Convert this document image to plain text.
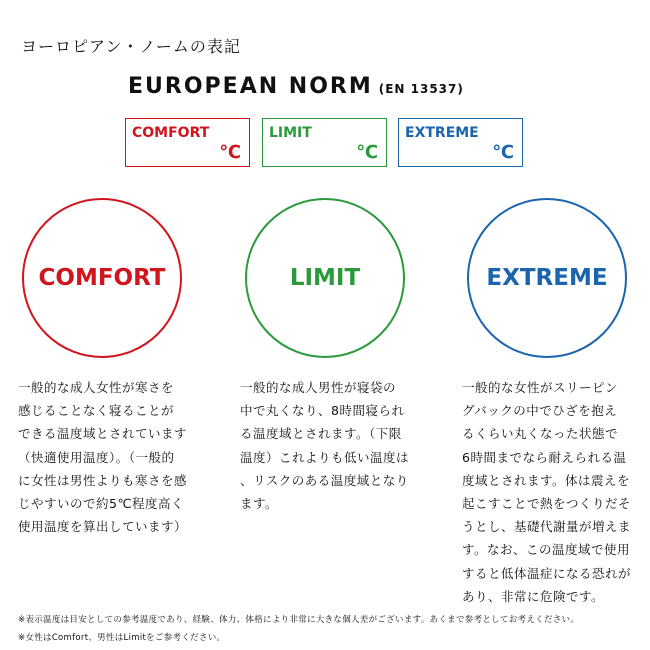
ヨーロピアン・ノームの表記
EUROPEAN NORM (EN 13537)
COMFORT
℃
LIMIT
℃
EXTREME
℃
COMFORT	LIMIT	EXTREME
一般的な成人女性が寒さを
感じることなく寝ることが
できる温度域とされています
（快適使用温度）。（一般的
に女性は男性よりも寒さを感
じやすいので約5℃程度高く
使用温度を算出しています）
一般的な成人男性が寝袋の
中で丸くなり、8時間寝られ
る温度域とされます。（下限
温度）これよりも低い温度は
、リスクのある温度域となり
ます。
一般的な女性がスリーピン
グバックの中でひざを抱え
るくらい丸くなった状態で
6時間までなら耐えられる温
度域とされます。体は震えを
起こすことで熱をつくりだそ
うとし、基礎代謝量が増えま
す。なお、この温度域で使用
すると低体温症になる恐れが
あり、非常に危険です。
※表示温度は目安としての参考温度であり、経験、体力、体格により非常に大きな個人差がございます。あくまで参考としてお考えください。
※女性はComfort、男性はLimitをご参考ください。
